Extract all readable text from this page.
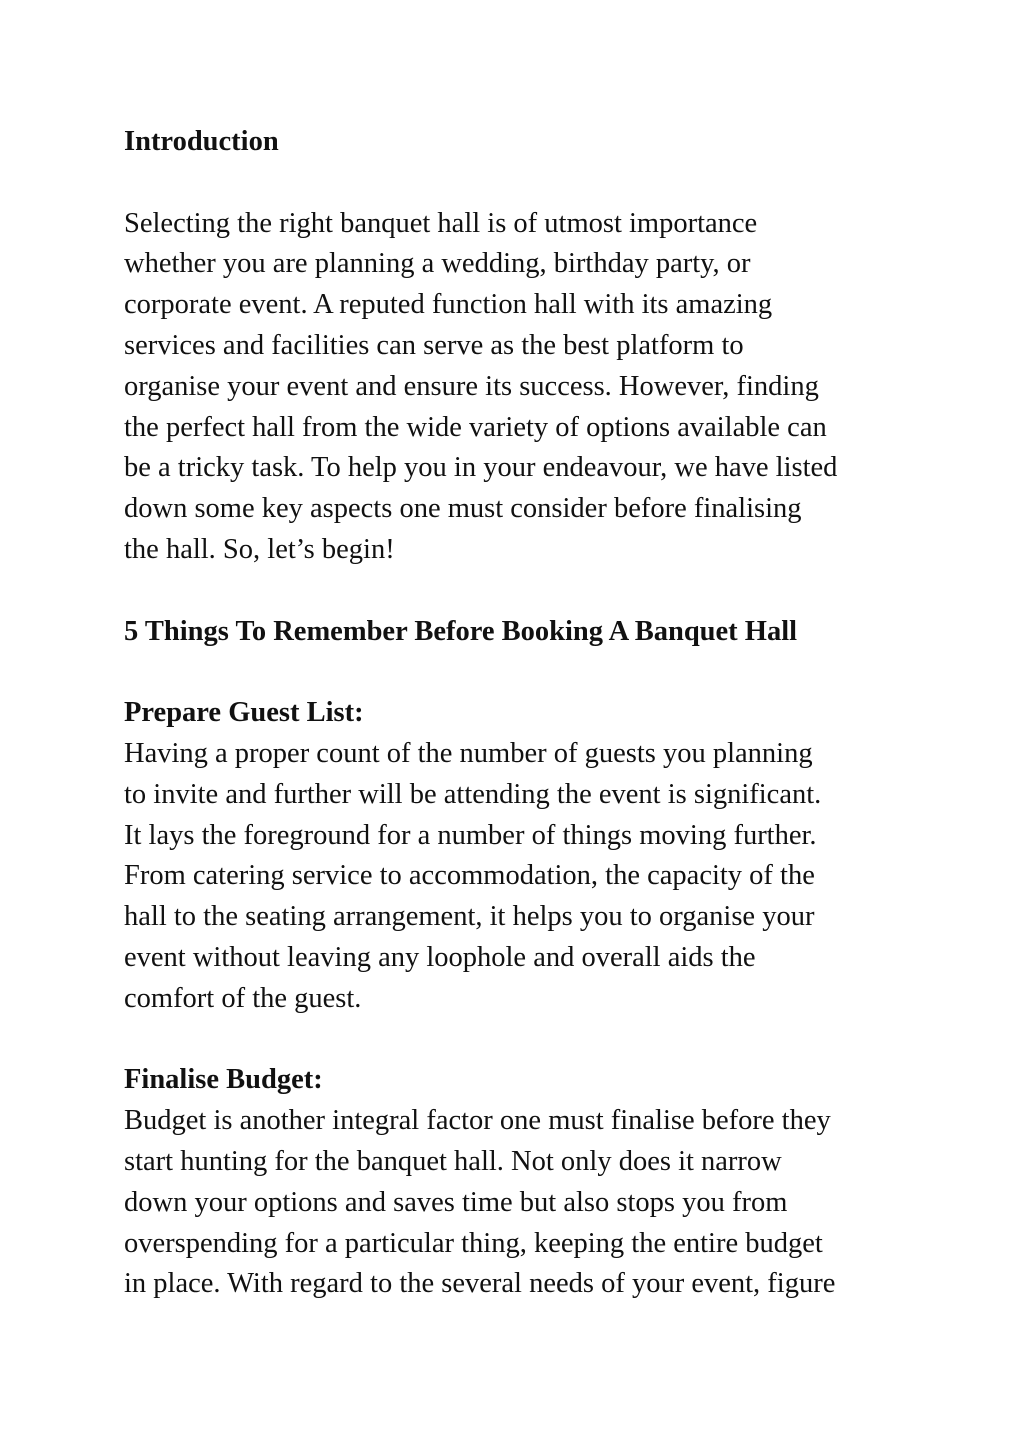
Introduction
Selecting the right banquet hall is of utmost importance
whether you are planning a wedding, birthday party, or
corporate event. A reputed function hall with its amazing
services and facilities can serve as the best platform to
organise your event and ensure its success. However, finding
the perfect hall from the wide variety of options available can
be a tricky task. To help you in your endeavour, we have listed
down some key aspects one must consider before finalising
the hall. So, let’s begin!
5 Things To Remember Before Booking A Banquet Hall
Prepare Guest List:
Having a proper count of the number of guests you planning
to invite and further will be attending the event is significant.
It lays the foreground for a number of things moving further.
From catering service to accommodation, the capacity of the
hall to the seating arrangement, it helps you to organise your
event without leaving any loophole and overall aids the
comfort of the guest.
Finalise Budget:
Budget is another integral factor one must finalise before they
start hunting for the banquet hall. Not only does it narrow
down your options and saves time but also stops you from
overspending for a particular thing, keeping the entire budget
in place. With regard to the several needs of your event, figure
